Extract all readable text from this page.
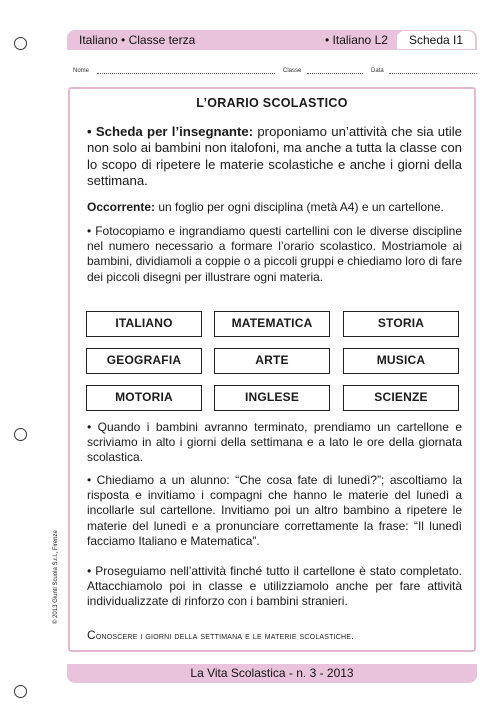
Italiano • Classe terza	• Italiano L2	Scheda I1
Nome	Classe	Data
L’ORARIO SCOLASTICO
• Scheda per l’insegnante: proponiamo un’attività che sia utile non solo ai bambini non italofoni, ma anche a tutta la classe con lo scopo di ripetere le materie scolastiche e anche i giorni della settimana.
Occorrente: un foglio per ogni disciplina (metà A4) e un cartellone.
• Fotocopiamo e ingrandiamo questi cartellini con le diverse discipline nel numero necessario a formare l’orario scolastico. Mostriamole ai bambini, dividiamoli a coppie o a piccoli gruppi e chiediamo loro di fare dei piccoli disegni per illustrare ogni materia.
ITALIANO	MATEMATICA	STORIA
GEOGRAFIA	ARTE	MUSICA
MOTORIA	INGLESE	SCIENZE
• Quando i bambini avranno terminato, prendiamo un cartellone e scriviamo in alto i giorni della settimana e a lato le ore della giornata scolastica.
• Chiediamo a un alunno: “Che cosa fate di lunedì?”; ascoltiamo la risposta e invitiamo i compagni che hanno le materie del lunedì a incollarle sul cartellone. Invitiamo poi un altro bambino a ripetere le materie del lunedì e a pronunciare correttamente la frase: “Il lunedì facciamo Italiano e Matematica”.
• Proseguiamo nell’attività finché tutto il cartellone è stato completato. Attacchiamolo poi in classe e utilizziamolo anche per fare attività individualizzate di rinforzo con i bambini stranieri.
Conoscere i giorni della settimana e le materie scolastiche.
La Vita Scolastica - n. 3 - 2013
© 2013 Giunti Scuola S.r.l., Firenze
